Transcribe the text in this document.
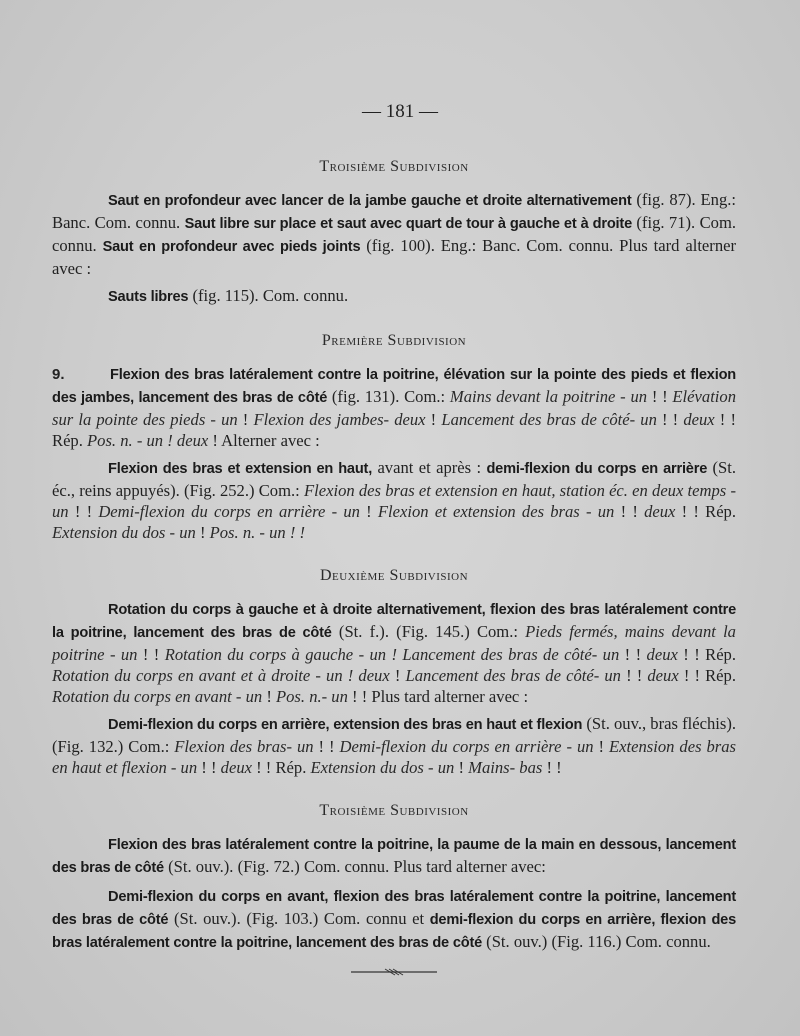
— 181 —
Troisième Subdivision

Saut en profondeur avec lancer de la jambe gauche et droite alternativement (fig. 87). Eng.: Banc. Com. connu. Saut libre sur place et saut avec quart de tour à gauche et à droite (fig. 71). Com. connu. Saut en profondeur avec pieds joints (fig. 100). Eng.: Banc. Com. connu. Plus tard alterner avec :

Sauts libres (fig. 115). Com. connu.

Première Subdivision

9.	Flexion des bras latéralement contre la poitrine, élévation sur la pointe des pieds et flexion des jambes, lancement des bras de côté (fig. 131). Com.: Mains devant la poitrine - un ! ! Elévation sur la pointe des pieds - un ! Flexion des jambes- deux ! Lancement des bras de côté- un ! ! deux ! ! Rép. Pos. n. - un ! deux ! Alterner avec :

Flexion des bras et extension en haut, avant et après : demi-flexion du corps en arrière (St. éc., reins appuyés). (Fig. 252.) Com.: Flexion des bras et extension en haut, station éc. en deux temps - un ! ! Demi-flexion du corps en arrière - un ! Flexion et extension des bras - un ! ! deux ! ! Rép. Extension du dos - un ! Pos. n. - un ! !

Deuxième Subdivision

Rotation du corps à gauche et à droite alternativement, flexion des bras latéralement contre la poitrine, lancement des bras de côté (St. f.). (Fig. 145.) Com.: Pieds fermés, mains devant la poitrine - un ! ! Rotation du corps à gauche - un ! Lancement des bras de côté- un ! ! deux ! ! Rép. Rotation du corps en avant et à droite - un ! deux ! Lancement des bras de côté- un ! ! deux ! ! Rép. Rotation du corps en avant - un ! Pos. n.- un ! ! Plus tard alterner avec :

Demi-flexion du corps en arrière, extension des bras en haut et flexion (St. ouv., bras fléchis). (Fig. 132.) Com.: Flexion des bras- un ! ! Demi-flexion du corps en arrière - un ! Extension des bras en haut et flexion - un ! ! deux ! ! Rép. Extension du dos - un ! Mains- bas ! !

Troisième Subdivision

Flexion des bras latéralement contre la poitrine, la paume de la main en dessous, lancement des bras de côté (St. ouv.). (Fig. 72.) Com. connu. Plus tard alterner avec:

Demi-flexion du corps en avant, flexion des bras latéralement contre la poitrine, lancement des bras de côté (St. ouv.). (Fig. 103.) Com. connu et demi-flexion du corps en arrière, flexion des bras latéralement contre la poitrine, lancement des bras de côté (St. ouv.) (Fig. 116.) Com. connu.
